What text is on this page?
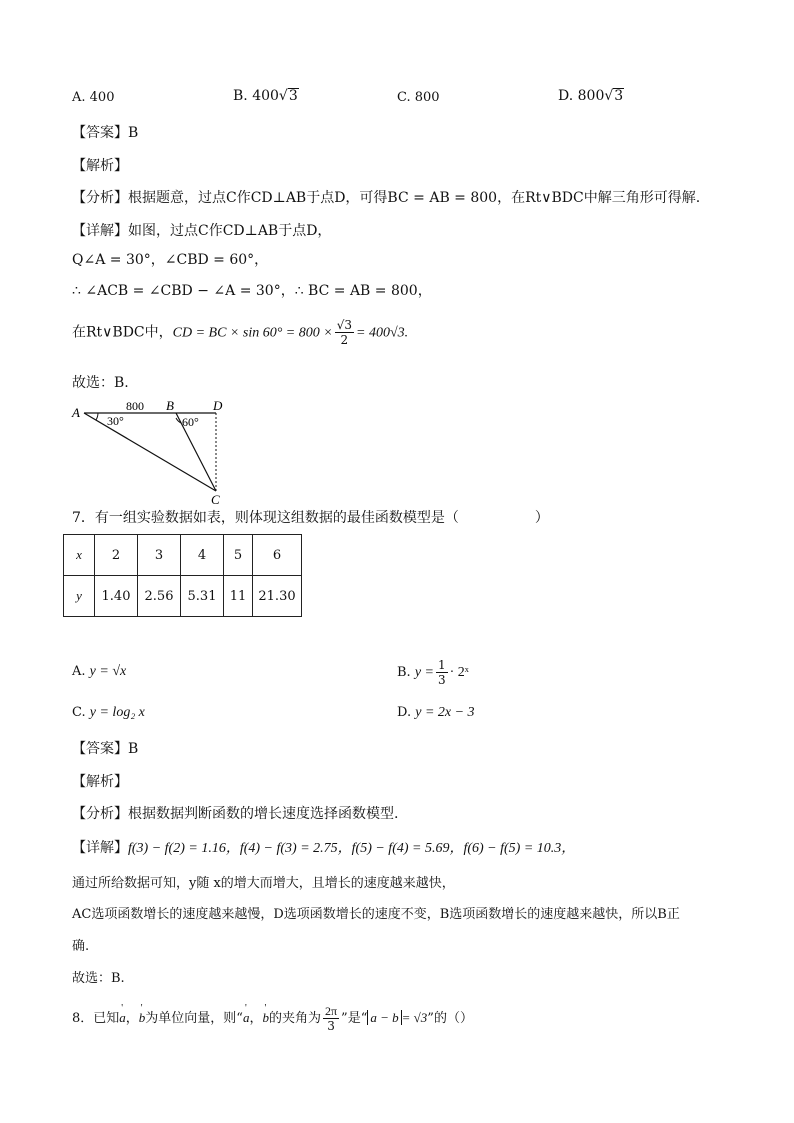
A. 400	B. 400√3	C. 800	D. 800√3
【答案】B
【解析】
【分析】根据题意，过点C作CD⊥AB于点D，可得BC = AB = 800，在Rt∨BDC中解三角形可得解.
【详解】如图，过点C作CD⊥AB于点D，
Q∠A = 30°，∠CBD = 60°，
∴ ∠ACB = ∠CBD − ∠A = 30°，∴ BC = AB = 800，
在Rt∨BDC中，CD = BC × $\sin 60^\circ = 800 \times \frac{√3}{2} = 400√3$.
故选：B.
A	B	D
C
800
30°	60°
7．有一组实验数据如表，则体现这组数据的最佳函数模型是（	）
x	2	3	4	5	6
y	1.40	2.56	5.31	11	21.30
A. y = √x	B. $y = \frac{1}{3}$ · 2ˣ
C. y = log₂ x	D. y = 2x − 3
【答案】B
【解析】
【分析】根据数据判断函数的增长速度选择函数模型.
【详解】f(3) − f(2) = 1.16，f(4) − f(3) = 2.75，f(5) − f(4) = 5.69，f(6) − f(5) = 10.3，
通过所给数据可知，y随 x的增大而增大，且增长的速度越来越快，
AC选项函数增长的速度越来越慢，D选项函数增长的速度不变，B选项函数增长的速度越来越快，所以B正
确.
故选：B.
8．已知' a，' b为单位向量，则“' a，' b的夹角为 $\frac{2\pi}{3}$ ”是“ a − b = √3”的（）
